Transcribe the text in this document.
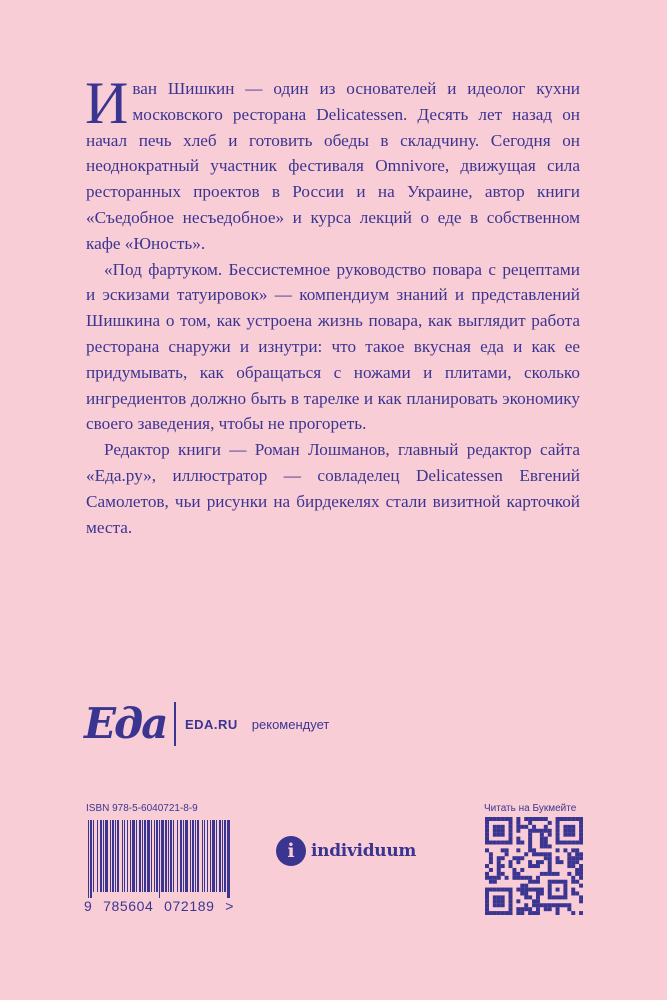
Иван Шишкин — один из основателей и идеолог кухни московского ресторана Delicatessen. Десять лет назад он начал печь хлеб и готовить обеды в складчину. Сегодня он неоднократный участник фестиваля Omnivore, движущая сила ресторанных проектов в России и на Украине, автор книги «Съедобное несъедобное» и курса лекций о еде в собственном кафе «Юность».

«Под фартуком. Бессистемное руководство повара с рецептами и эскизами татуировок» — компендиум знаний и представлений Шишкина о том, как устроена жизнь повара, как выглядит работа ресторана снаружи и изнутри: что такое вкусная еда и как ее придумывать, как обращаться с ножами и плитами, сколько ингредиентов должно быть в тарелке и как планировать экономику своего заведения, чтобы не прогореть.

Редактор книги — Роман Лошманов, главный редактор сайта «Еда.ру», иллюстратор — совладелец Delicatessen Евгений Самолетов, чьи рисунки на бирдекелях стали визитной карточкой места.

Еда EDA.RU рекомендует
ISBN 978-5-6040721-8-9
9 785604 072189 >
i individuum
Читать на Букмейте
